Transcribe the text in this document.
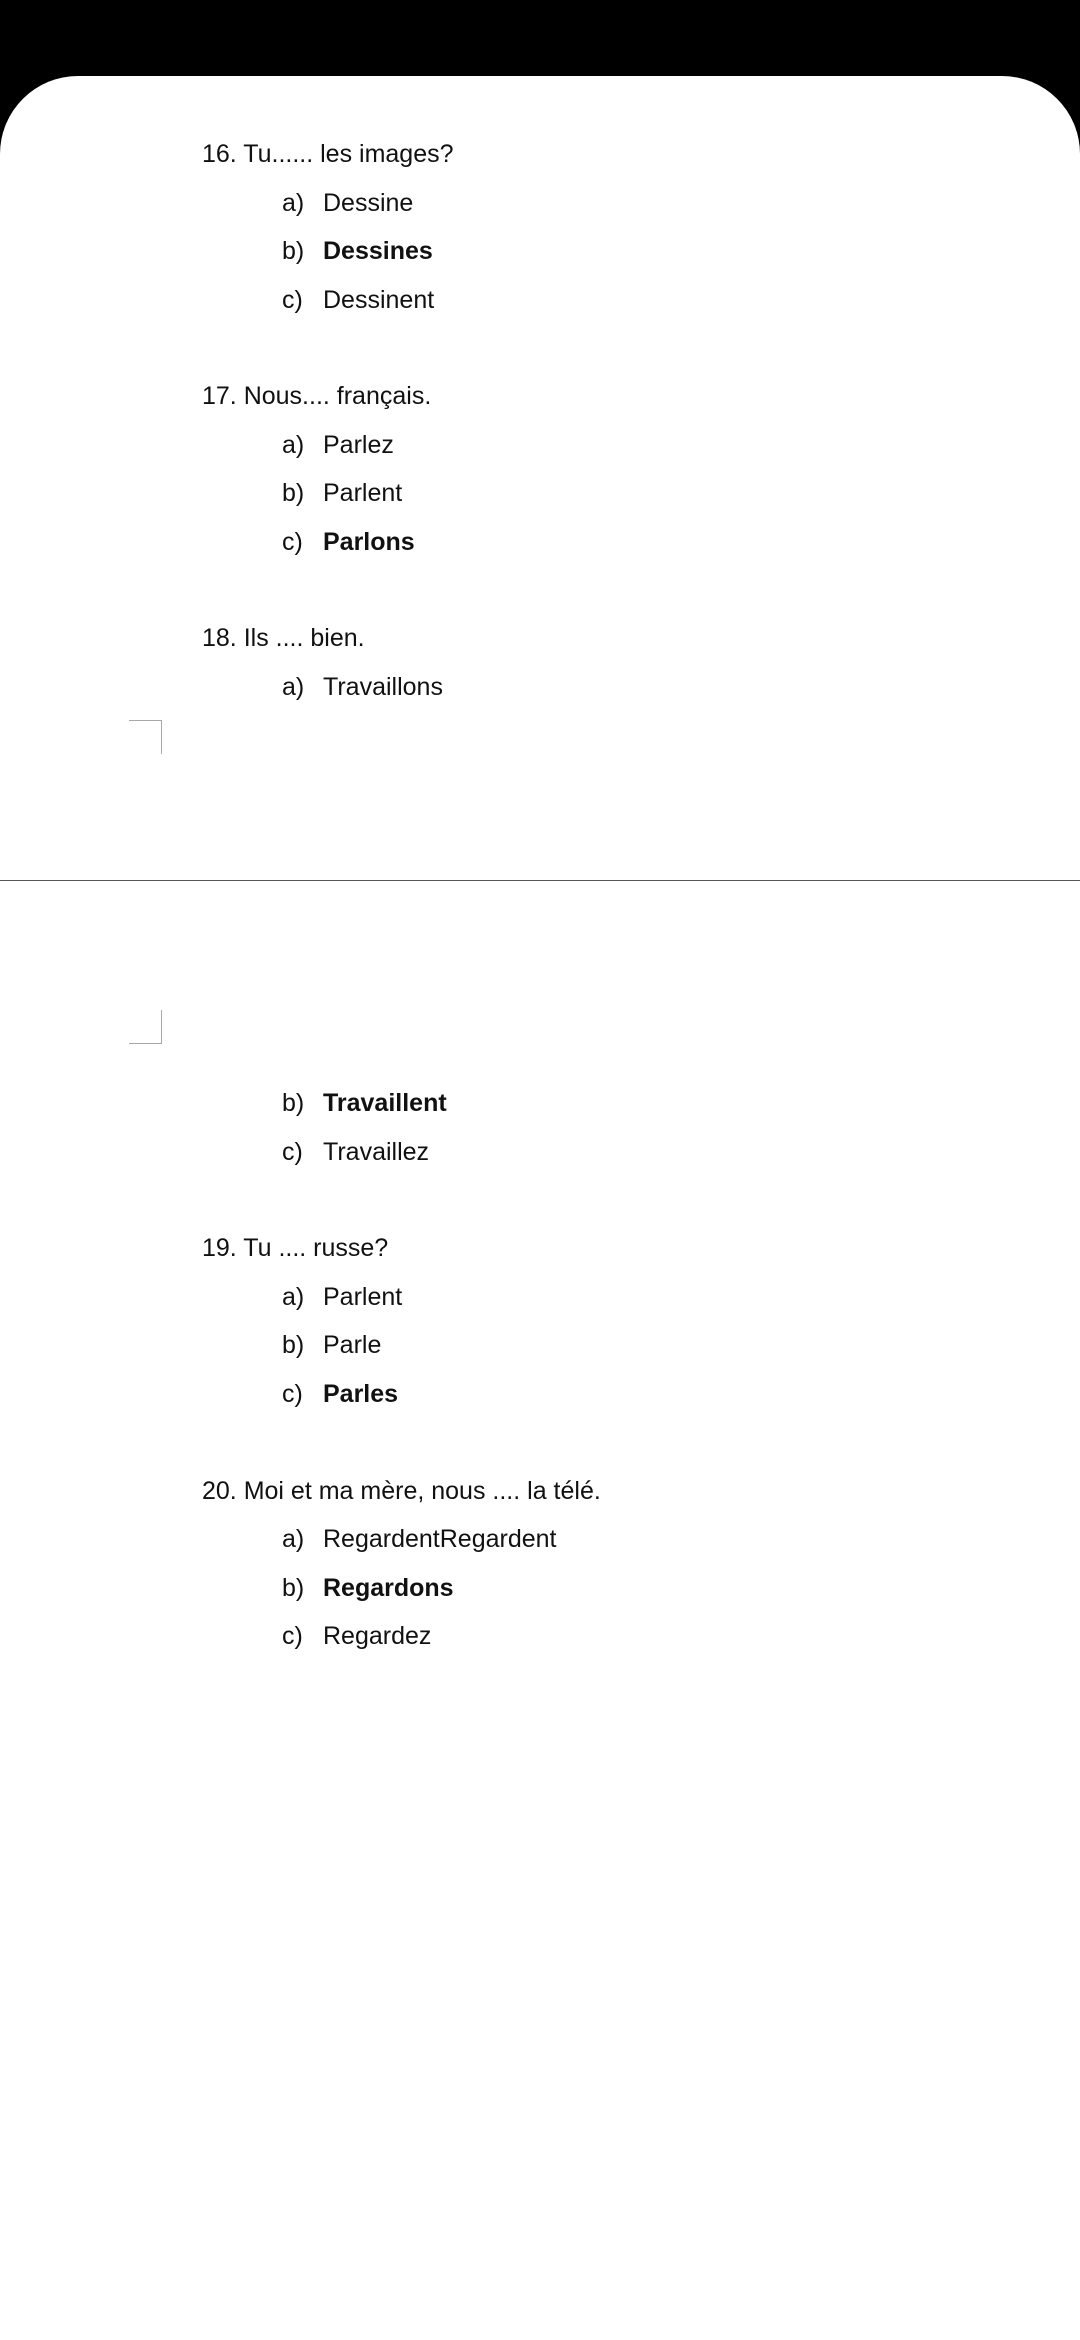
16. Tu...... les images?
a) Dessine
b) Dessines
c) Dessinent
17. Nous.... français.
a) Parlez
b) Parlent
c) Parlons
18. Ils .... bien.
a) Travaillons
b) Travaillent
c) Travaillez
19. Tu .... russe?
a) Parlent
b) Parle
c) Parles
20. Moi et ma mère, nous .... la télé.
a) RegardentRegardent
b) Regardons
c) Regardez
